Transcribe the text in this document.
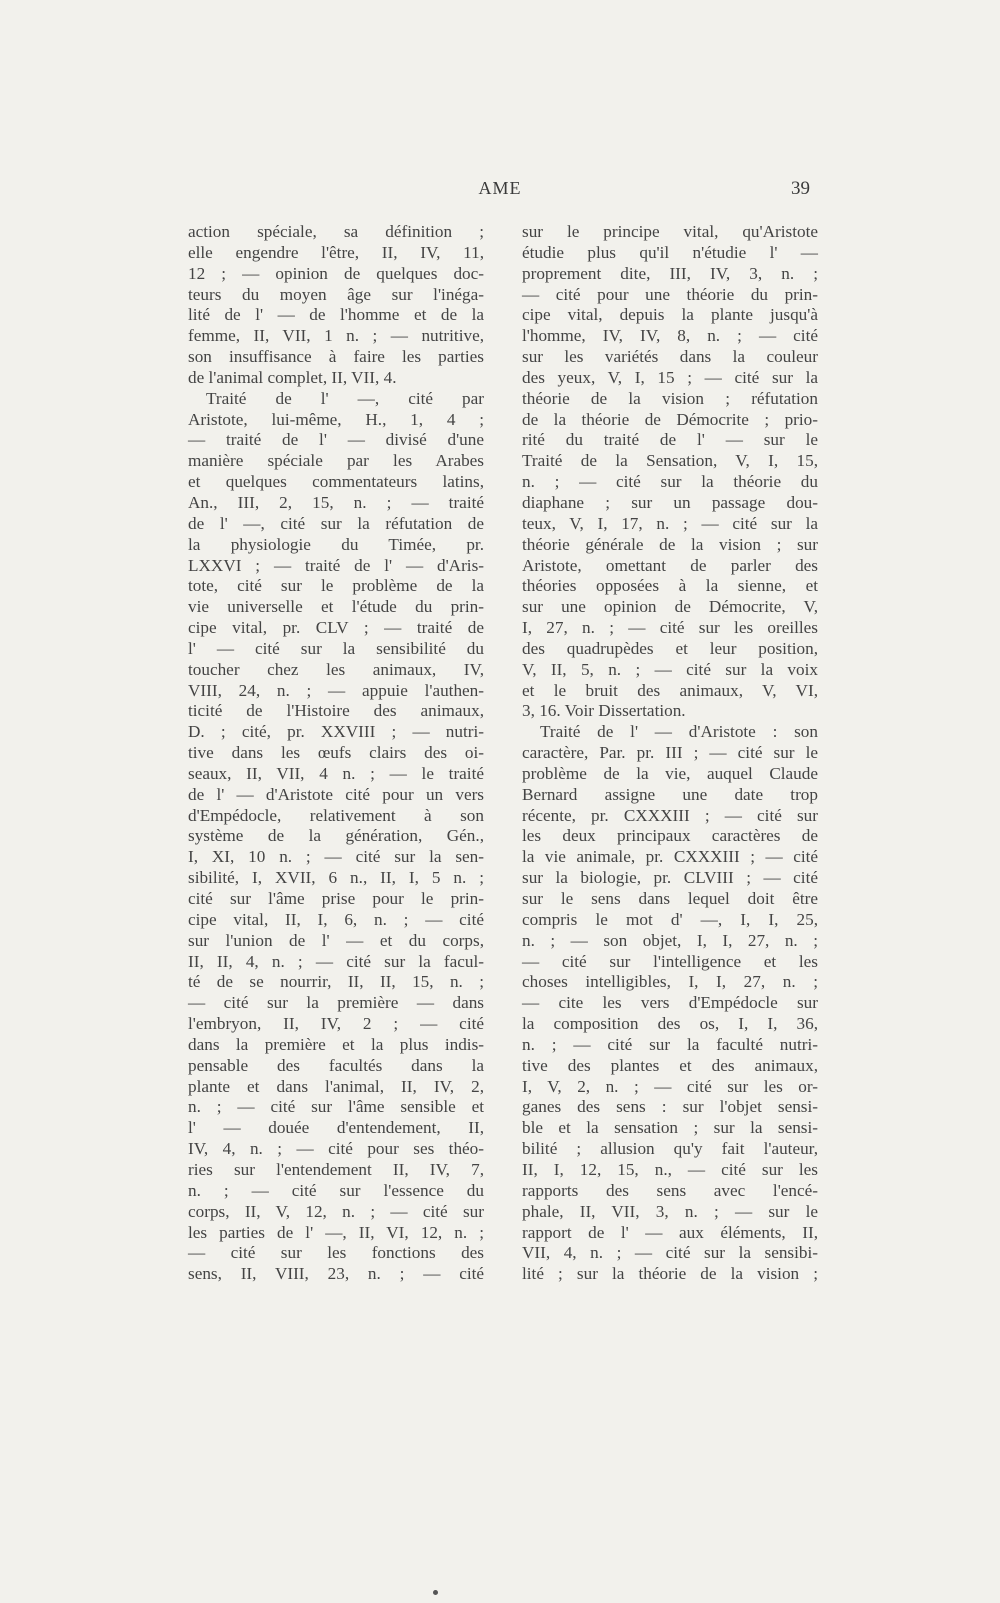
AME	39
action spéciale, sa définition ;
elle engendre l'être, II, IV, 11,
12 ; — opinion de quelques doc-
teurs du moyen âge sur l'inéga-
lité de l' — de l'homme et de la
femme, II, VII, 1 n. ; — nutritive,
son insuffisance à faire les parties
de l'animal complet, II, VII, 4.
Traité de l' —, cité par
Aristote, lui-même, H., 1, 4 ;
— traité de l' — divisé d'une
manière spéciale par les Arabes
et quelques commentateurs latins,
An., III, 2, 15, n. ; — traité
de l' —, cité sur la réfutation de
la physiologie du Timée, pr.
LXXVI ; — traité de l' — d'Aris-
tote, cité sur le problème de la
vie universelle et l'étude du prin-
cipe vital, pr. CLV ; — traité de
l' — cité sur la sensibilité du
toucher chez les animaux, IV,
VIII, 24, n. ; — appuie l'authen-
ticité de l'Histoire des animaux,
D. ; cité, pr. XXVIII ; — nutri-
tive dans les œufs clairs des oi-
seaux, II, VII, 4 n. ; — le traité
de l' — d'Aristote cité pour un vers
d'Empédocle, relativement à son
système de la génération, Gén.,
I, XI, 10 n. ; — cité sur la sen-
sibilité, I, XVII, 6 n., II, I, 5 n. ;
cité sur l'âme prise pour le prin-
cipe vital, II, I, 6, n. ; — cité
sur l'union de l' — et du corps,
II, II, 4, n. ; — cité sur la facul-
té de se nourrir, II, II, 15, n. ;
— cité sur la première — dans
l'embryon, II, IV, 2 ; — cité
dans la première et la plus indis-
pensable des facultés dans la
plante et dans l'animal, II, IV, 2,
n. ; — cité sur l'âme sensible et
l' — douée d'entendement, II,
IV, 4, n. ; — cité pour ses théo-
ries sur l'entendement II, IV, 7,
n. ; — cité sur l'essence du
corps, II, V, 12, n. ; — cité sur
les parties de l' —, II, VI, 12, n. ;
— cité sur les fonctions des
sens, II, VIII, 23, n. ; — cité
sur le principe vital, qu'Aristote
étudie plus qu'il n'étudie l' —
proprement dite, III, IV, 3, n. ;
— cité pour une théorie du prin-
cipe vital, depuis la plante jusqu'à
l'homme, IV, IV, 8, n. ; — cité
sur les variétés dans la couleur
des yeux, V, I, 15 ; — cité sur la
théorie de la vision ; réfutation
de la théorie de Démocrite ; prio-
rité du traité de l' — sur le
Traité de la Sensation, V, I, 15,
n. ; — cité sur la théorie du
diaphane ; sur un passage dou-
teux, V, I, 17, n. ; — cité sur la
théorie générale de la vision ; sur
Aristote, omettant de parler des
théories opposées à la sienne, et
sur une opinion de Démocrite, V,
I, 27, n. ; — cité sur les oreilles
des quadrupèdes et leur position,
V, II, 5, n. ; — cité sur la voix
et le bruit des animaux, V, VI,
3, 16. Voir Dissertation.
Traité de l' — d'Aristote : son
caractère, Par. pr. III ; — cité sur le
problème de la vie, auquel Claude
Bernard assigne une date trop
récente, pr. CXXXIII ; — cité sur
les deux principaux caractères de
la vie animale, pr. CXXXIII ; — cité
sur la biologie, pr. CLVIII ; — cité
sur le sens dans lequel doit être
compris le mot d' —, I, I, 25,
n. ; — son objet, I, I, 27, n. ;
— cité sur l'intelligence et les
choses intelligibles, I, I, 27, n. ;
— cite les vers d'Empédocle sur
la composition des os, I, I, 36,
n. ; — cité sur la faculté nutri-
tive des plantes et des animaux,
I, V, 2, n. ; — cité sur les or-
ganes des sens : sur l'objet sensi-
ble et la sensation ; sur la sensi-
bilité ; allusion qu'y fait l'auteur,
II, I, 12, 15, n., — cité sur les
rapports des sens avec l'encé-
phale, II, VII, 3, n. ; — sur le
rapport de l' — aux éléments, II,
VII, 4, n. ; — cité sur la sensibi-
lité ; sur la théorie de la vision ;
